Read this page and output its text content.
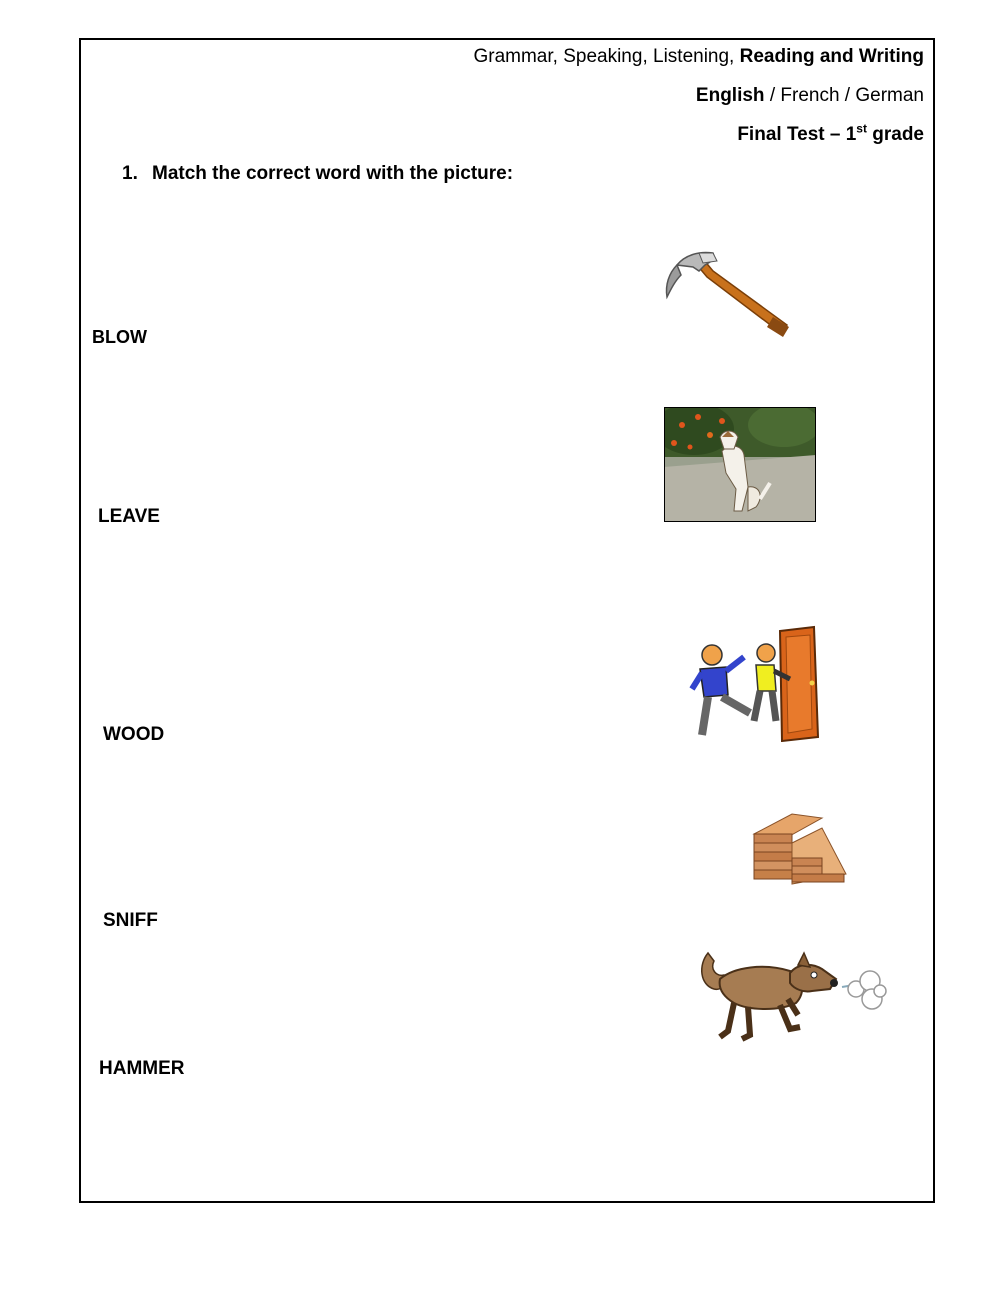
Grammar, Speaking, Listening, Reading and Writing
English / French / German
Final Test – 1st grade
1. Match the correct word with the picture:
BLOW
LEAVE
WOOD
SNIFF
HAMMER
